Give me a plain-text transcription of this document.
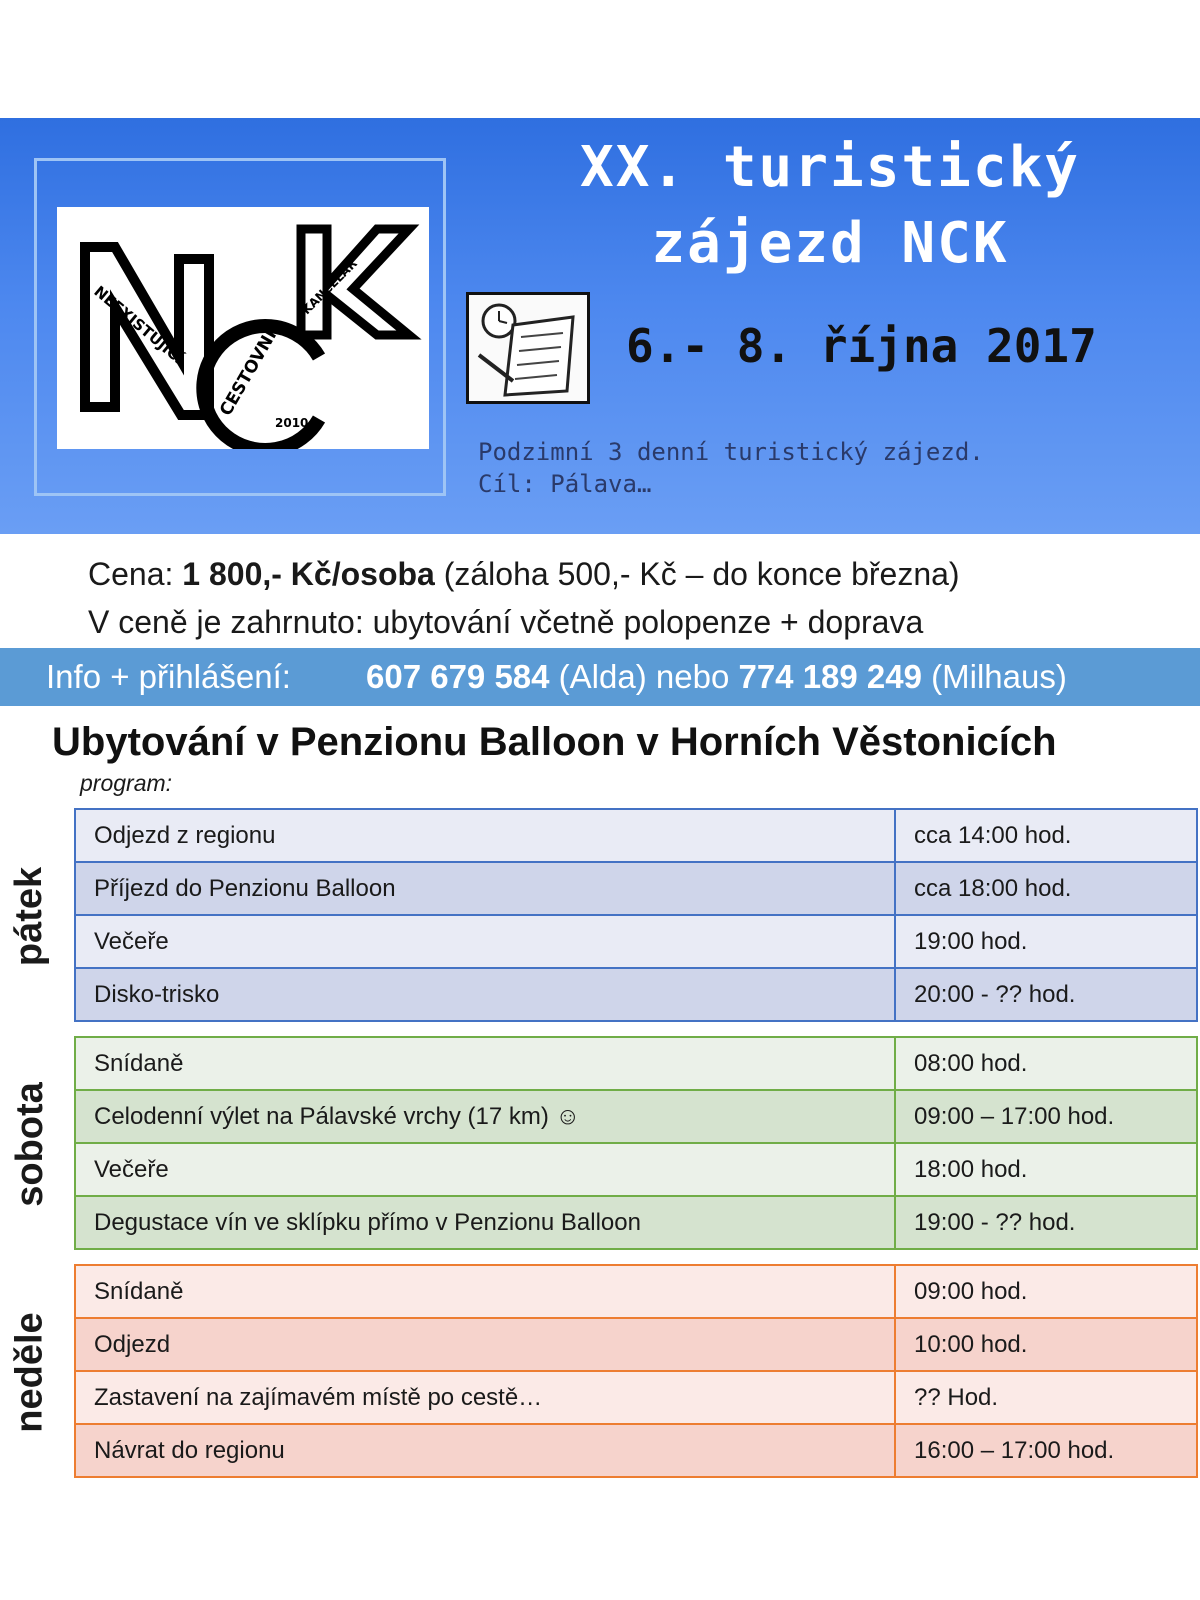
NEEXISTUJÍCÍ
CESTOVNÍ
KANCELÁŘ
2010
XX. turistický
zájezd NCK
6.- 8. října 2017
Podzimní 3 denní turistický zájezd.
Cíl: Pálava…
Cena: 1 800,- Kč/osoba (záloha 500,- Kč – do konce března)
V ceně je zahrnuto: ubytování včetně polopenze + doprava
Info + přihlášení: 607 679 584 (Alda) nebo 774 189 249 (Milhaus)
Ubytování v Penzionu Balloon v Horních Věstonicích
program:
pátek
Odjezd z regionu	cca 14:00 hod.
Příjezd do Penzionu Balloon	cca 18:00 hod.
Večeře	19:00 hod.
Disko-trisko	20:00 - ?? hod.
sobota
Snídaně	08:00 hod.
Celodenní výlet na Pálavské vrchy (17 km) ☺	09:00 – 17:00 hod.
Večeře	18:00 hod.
Degustace vín ve sklípku přímo v Penzionu Balloon	19:00 - ?? hod.
neděle
Snídaně	09:00 hod.
Odjezd	10:00 hod.
Zastavení na zajímavém místě po cestě…	?? Hod.
Návrat do regionu	16:00 – 17:00 hod.
